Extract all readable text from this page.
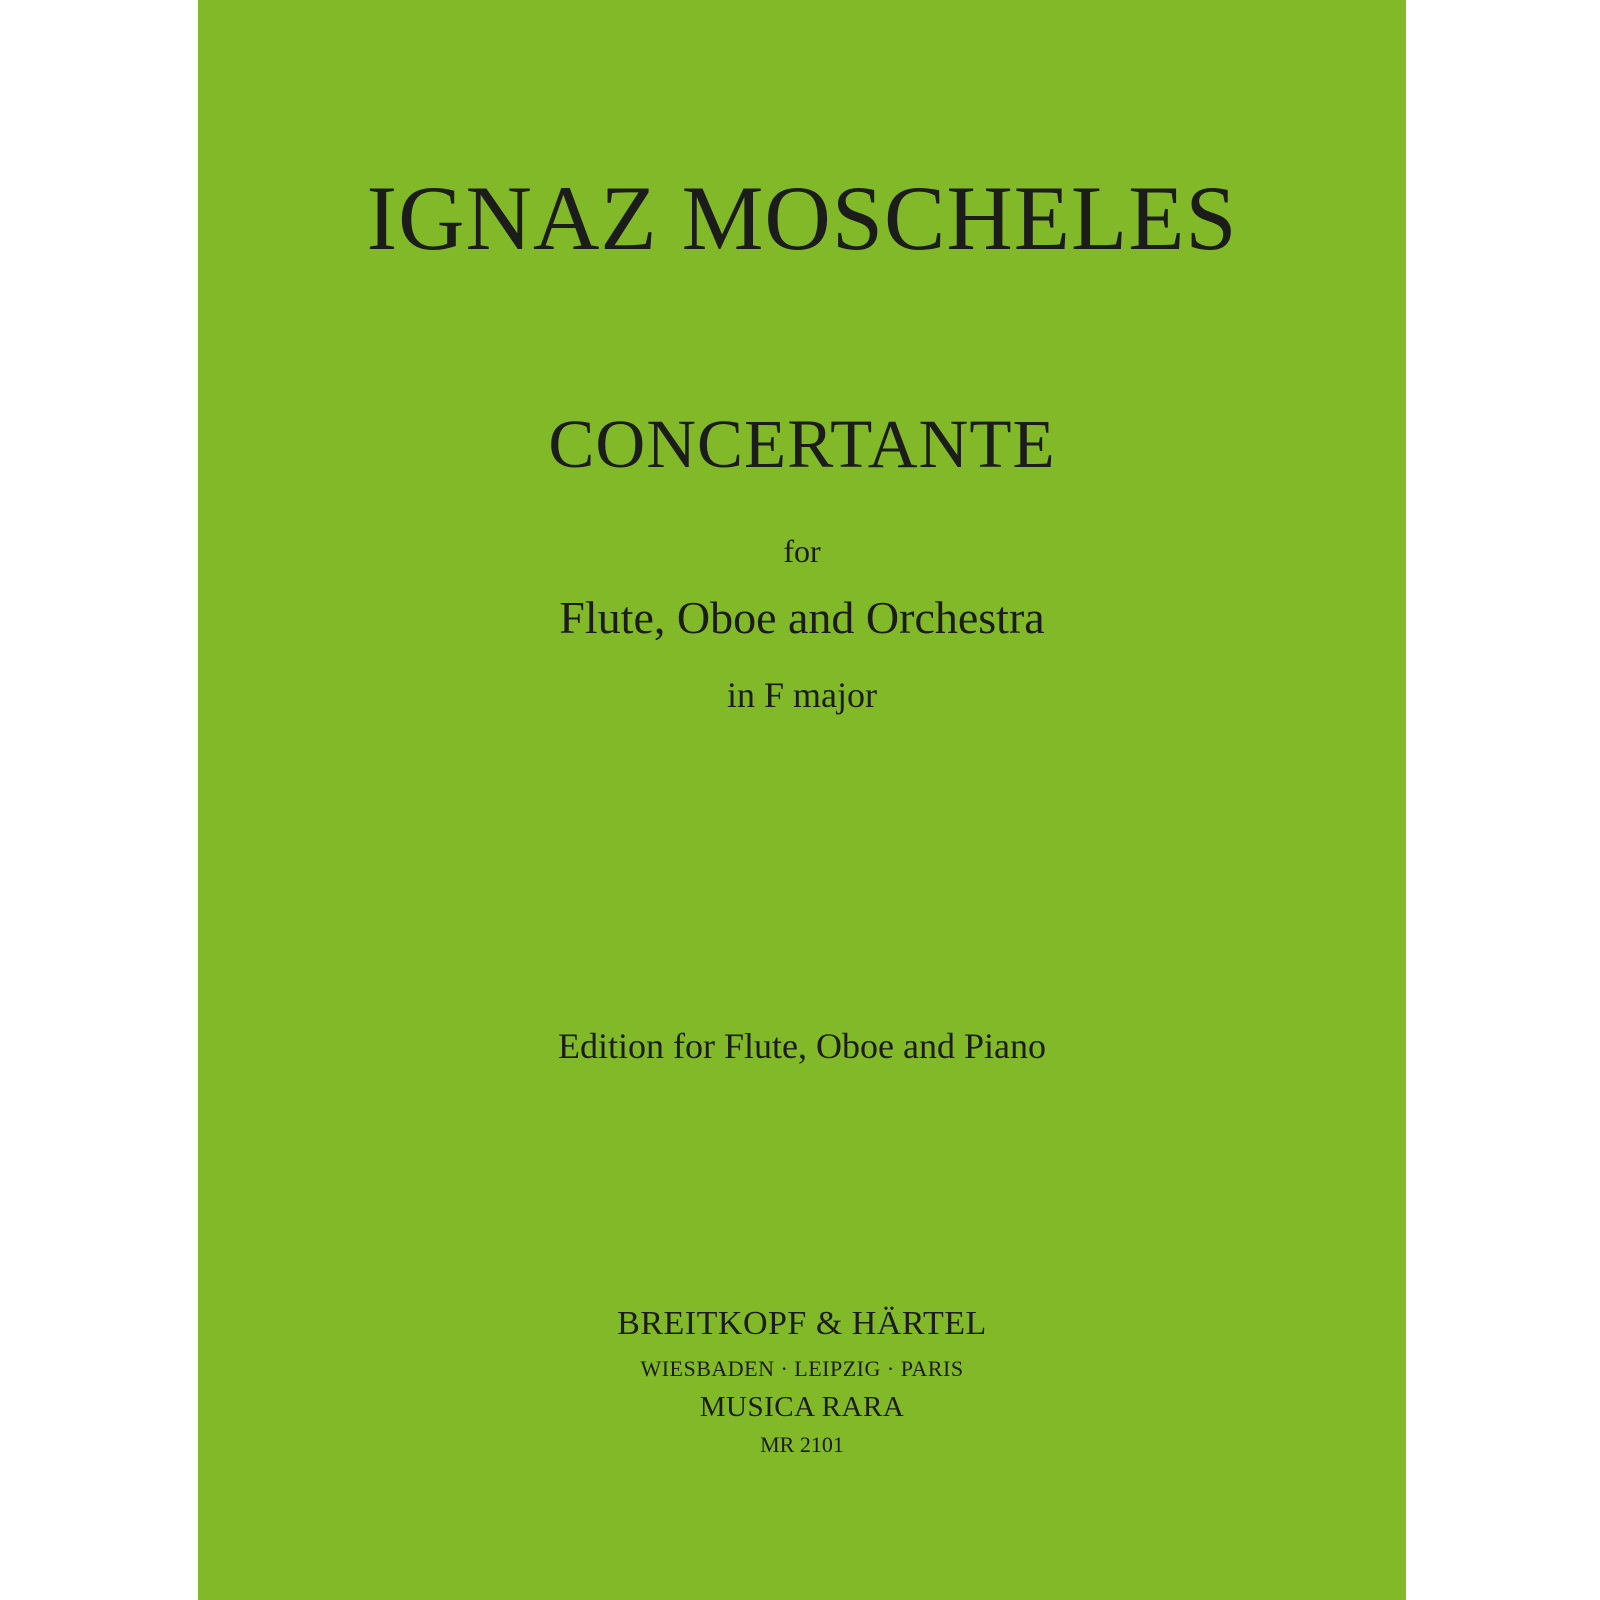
IGNAZ MOSCHELES
CONCERTANTE
for
Flute, Oboe and Orchestra
in F major
Edition for Flute, Oboe and Piano
BREITKOPF & HÄRTEL
WIESBADEN · LEIPZIG · PARIS
MUSICA RARA
MR 2101
